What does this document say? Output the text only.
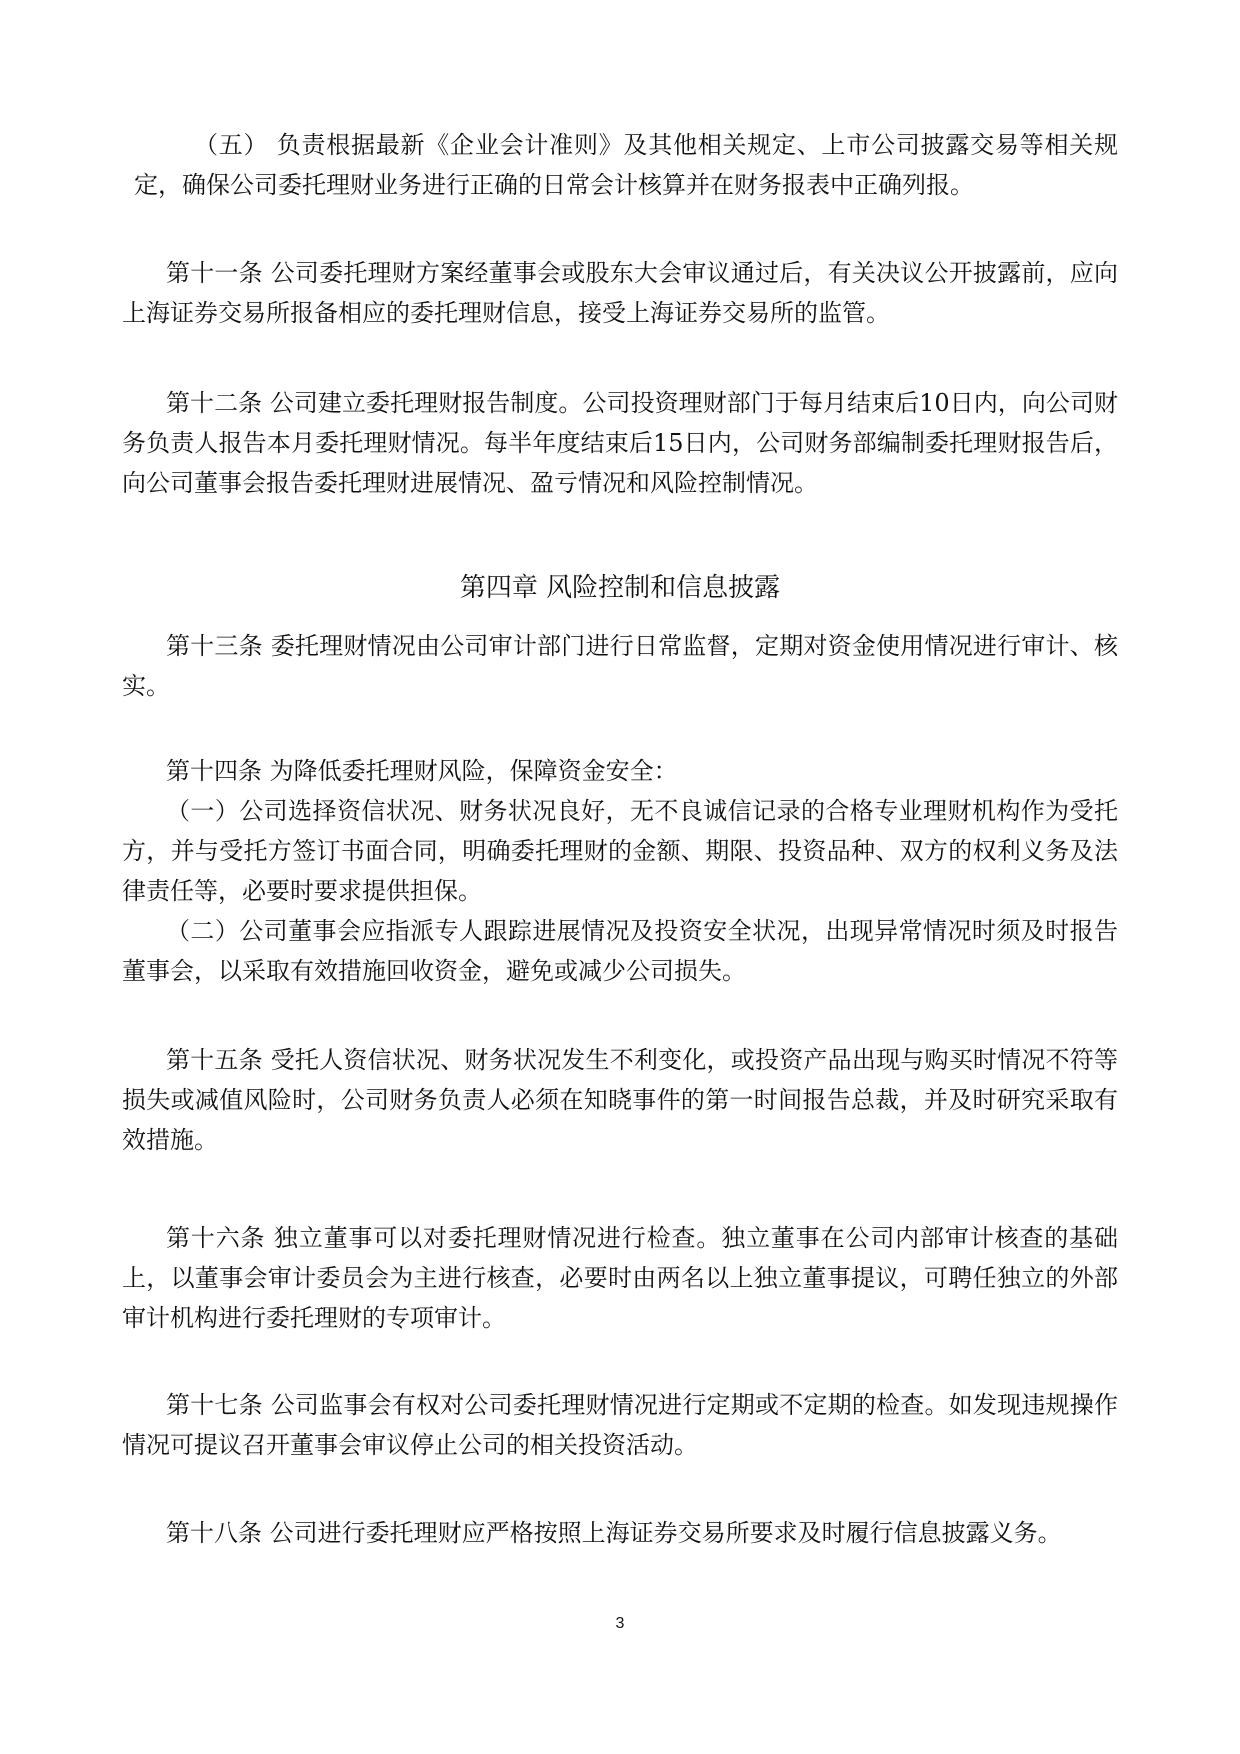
（五） 负责根据最新《企业会计准则》及其他相关规定、上市公司披露交易等相关规定，确保公司委托理财业务进行正确的日常会计核算并在财务报表中正确列报。

第十一条 公司委托理财方案经董事会或股东大会审议通过后，有关决议公开披露前，应向上海证券交易所报备相应的委托理财信息，接受上海证券交易所的监管。

第十二条 公司建立委托理财报告制度。公司投资理财部门于每月结束后10日内，向公司财务负责人报告本月委托理财情况。每半年度结束后15日内，公司财务部编制委托理财报告后，向公司董事会报告委托理财进展情况、盈亏情况和风险控制情况。

第四章 风险控制和信息披露

第十三条 委托理财情况由公司审计部门进行日常监督，定期对资金使用情况进行审计、核实。

第十四条 为降低委托理财风险，保障资金安全：

（一）公司选择资信状况、财务状况良好，无不良诚信记录的合格专业理财机构作为受托方，并与受托方签订书面合同，明确委托理财的金额、期限、投资品种、双方的权利义务及法律责任等，必要时要求提供担保。

（二）公司董事会应指派专人跟踪进展情况及投资安全状况，出现异常情况时须及时报告董事会，以采取有效措施回收资金，避免或减少公司损失。

第十五条 受托人资信状况、财务状况发生不利变化，或投资产品出现与购买时情况不符等损失或减值风险时，公司财务负责人必须在知晓事件的第一时间报告总裁，并及时研究采取有效措施。

第十六条 独立董事可以对委托理财情况进行检查。独立董事在公司内部审计核查的基础上，以董事会审计委员会为主进行核查，必要时由两名以上独立董事提议，可聘任独立的外部审计机构进行委托理财的专项审计。

第十七条 公司监事会有权对公司委托理财情况进行定期或不定期的检查。如发现违规操作情况可提议召开董事会审议停止公司的相关投资活动。

第十八条 公司进行委托理财应严格按照上海证券交易所要求及时履行信息披露义务。

3
